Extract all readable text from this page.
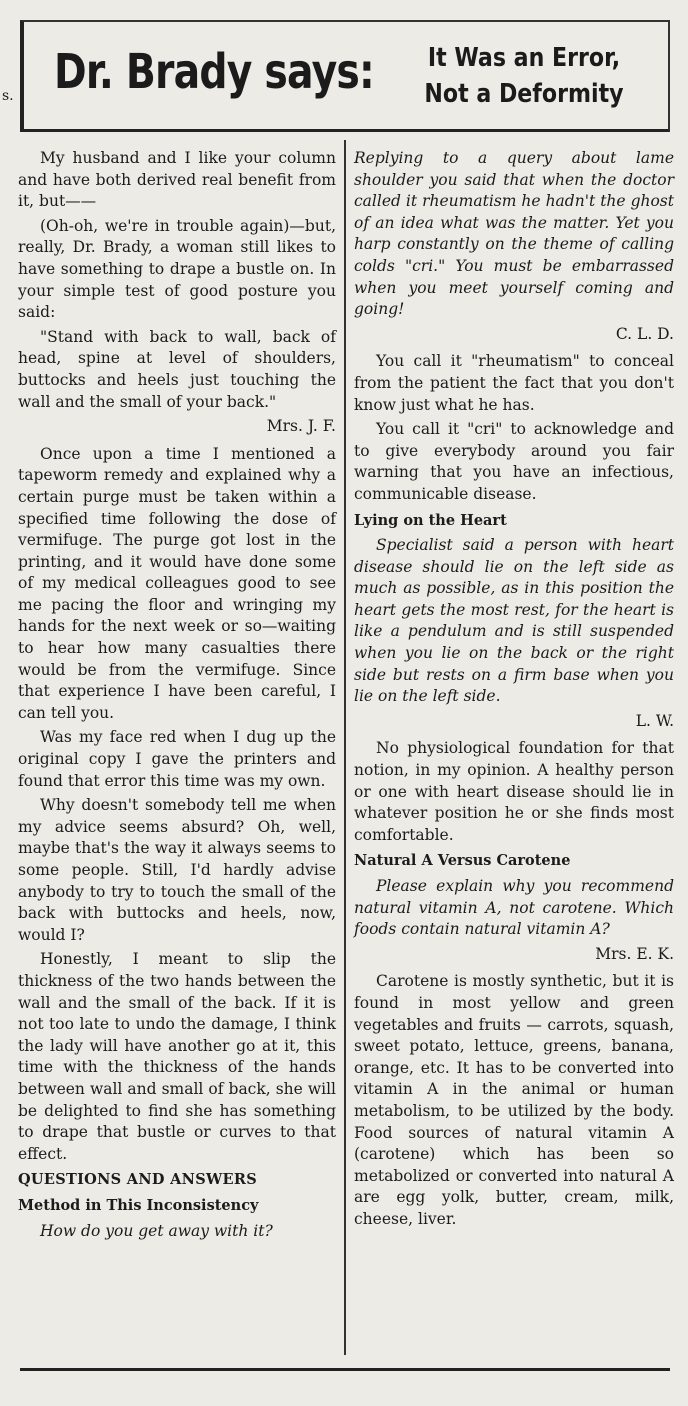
s. Dr. Brady says:	It Was an Error,
Not a Deformity

My husband and I like your column and have both derived real benefit from it, but——

(Oh-oh, we're in trouble again)—but, really, Dr. Brady, a woman still likes to have something to drape a bustle on. In your simple test of good posture you said:

"Stand with back to wall, back of head, spine at level of shoulders, buttocks and heels just touching the wall and the small of your back."

Mrs. J. F.

Once upon a time I mentioned a tapeworm remedy and explained why a certain purge must be taken within a specified time following the dose of vermifuge. The purge got lost in the printing, and it would have done some of my medical colleagues good to see me pacing the floor and wringing my hands for the next week or so—waiting to hear how many casualties there would be from the vermifuge. Since that experience I have been careful, I can tell you.

Was my face red when I dug up the original copy I gave the printers and found that error this time was my own.

Why doesn't somebody tell me when my advice seems absurd? Oh, well, maybe that's the way it always seems to some people. Still, I'd hardly advise anybody to try to touch the small of the back with buttocks and heels, now, would I?

Honestly, I meant to slip the thickness of the two hands between the wall and the small of the back. If it is not too late to undo the damage, I think the lady will have another go at it, this time with the thickness of the hands between wall and small of back, she will be delighted to find she has something to drape that bustle or curves to that effect.

QUESTIONS AND ANSWERS
Method in This Inconsistency

How do you get away with it?

Replying to a query about lame shoulder you said that when the doctor called it rheumatism he hadn't the ghost of an idea what was the matter. Yet you harp constantly on the theme of calling colds "cri." You must be embarrassed when you meet yourself coming and going!

C. L. D.

You call it "rheumatism" to conceal from the patient the fact that you don't know just what he has.

You call it "cri" to acknowledge and to give everybody around you fair warning that you have an infectious, communicable disease.

Lying on the Heart

Specialist said a person with heart disease should lie on the left side as much as possible, as in this position the heart gets the most rest, for the heart is like a pendulum and is still suspended when you lie on the back or the right side but rests on a firm base when you lie on the left side.

L. W.

No physiological foundation for that notion, in my opinion. A healthy person or one with heart disease should lie in whatever position he or she finds most comfortable.

Natural A Versus Carotene

Please explain why you recommend natural vitamin A, not carotene. Which foods contain natural vitamin A?

Mrs. E. K.

Carotene is mostly synthetic, but it is found in most yellow and green vegetables and fruits — carrots, squash, sweet potato, lettuce, greens, banana, orange, etc. It has to be converted into vitamin A in the animal or human metabolism, to be utilized by the body. Food sources of natural vitamin A (carotene) which has been so metabolized or converted into natural A are egg yolk, butter, cream, milk, cheese, liver.
